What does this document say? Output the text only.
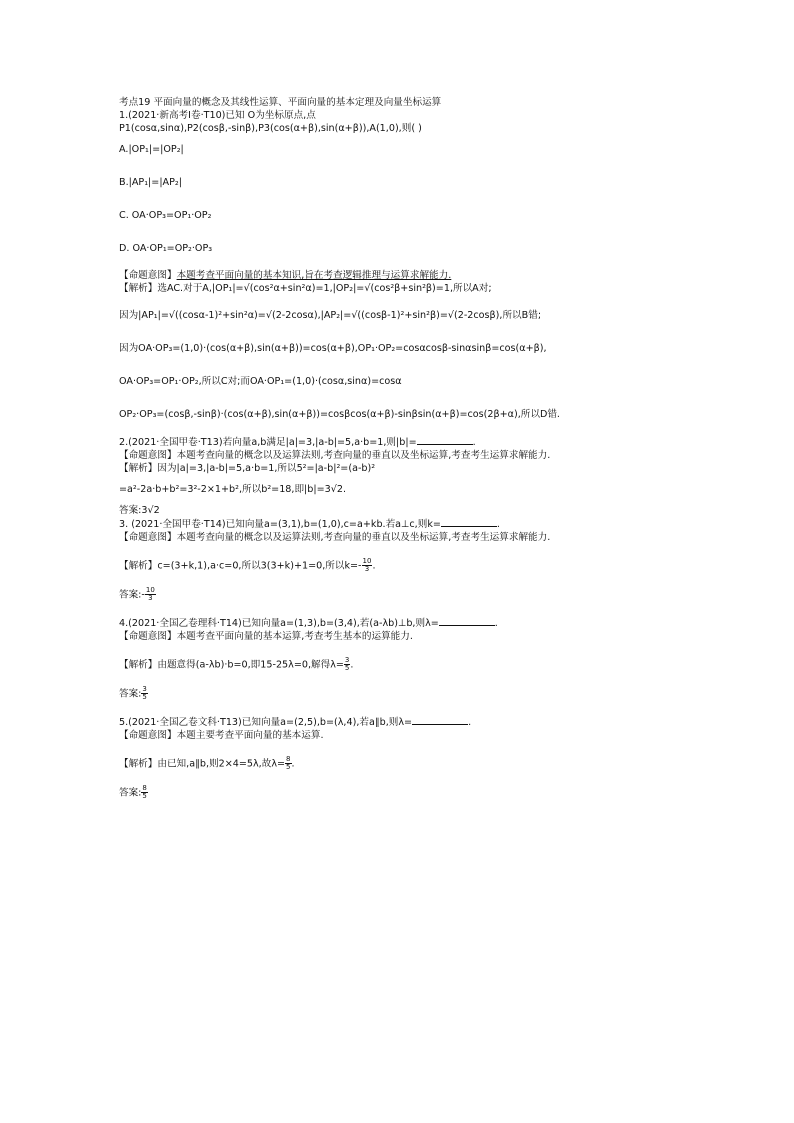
考点19 平面向量的概念及其线性运算、平面向量的基本定理及向量坐标运算
1.(2021·新高考Ⅰ卷·T10)已知 O为坐标原点,点
P1(cosα,sinα),P2(cosβ,-sinβ),P3(cos(α+β),sin(α+β)),A(1,0),则( )
A.|OP₁|=|OP₂|
B.|AP₁|=|AP₂|
C. OA·OP₃=OP₁·OP₂
D. OA·OP₁=OP₂·OP₃
【命题意图】本题考查平面向量的基本知识,旨在考查逻辑推理与运算求解能力.
【解析】选AC.对于A,|OP₁|=√(cos²α+sin²α)=1,|OP₂|=√(cos²β+sin²β)=1,所以A对;
因为|AP₁|=√((cosα-1)²+sin²α)=√(2-2cosα),|AP₂|=√((cosβ-1)²+sin²β)=√(2-2cosβ),所以B错;
因为OA·OP₃=(1,0)·(cos(α+β),sin(α+β))=cos(α+β),OP₁·OP₂=cosαcosβ-sinαsinβ=cos(α+β),
OA·OP₃=OP₁·OP₂,所以C对;而OA·OP₁=(1,0)·(cosα,sinα)=cosα
OP₂·OP₃=(cosβ,-sinβ)·(cos(α+β),sin(α+β))=cosβcos(α+β)-sinβsin(α+β)=cos(2β+α),所以D错.
2.(2021·全国甲卷·T13)若向量a,b满足|a|=3,|a-b|=5,a·b=1,则|b|=	.
【命题意图】本题考查向量的概念以及运算法则,考查向量的垂直以及坐标运算,考查考生运算求解能力.
【解析】因为|a|=3,|a-b|=5,a·b=1,所以5²=|a-b|²=(a-b)²
=a²-2a·b+b²=3²-2×1+b²,所以b²=18,即|b|=3√2.
答案:3√2
3. (2021·全国甲卷·T14)已知向量a=(3,1),b=(1,0),c=a+kb.若a⊥c,则k=	.
【命题意图】本题考查向量的概念以及运算法则,考查向量的垂直以及坐标运算,考查考生运算求解能力.
【解析】c=(3+k,1),a·c=0,所以3(3+k)+1=0,所以$k=- \frac{10}{3}$ .
答案:- $\frac{10}{3}$
4.(2021·全国乙卷理科·T14)已知向量a=(1,3),b=(3,4),若(a-λb)⊥b,则λ=	.
【命题意图】本题考查平面向量的基本运算,考查考生基本的运算能力.
【解析】由题意得(a-λb)·b=0,即15-25λ=0,解得$\lambda= \frac{3}{5}$ .
答案: $\frac{3}{5}$
5.(2021·全国乙卷文科·T13)已知向量a=(2,5),b=(λ,4),若a∥b,则λ=	.
【命题意图】本题主要考查平面向量的基本运算.
【解析】由已知,a∥b,则2×4=5λ,故$\lambda= \frac{8}{5}$ .
答案: $\frac{8}{5}$
